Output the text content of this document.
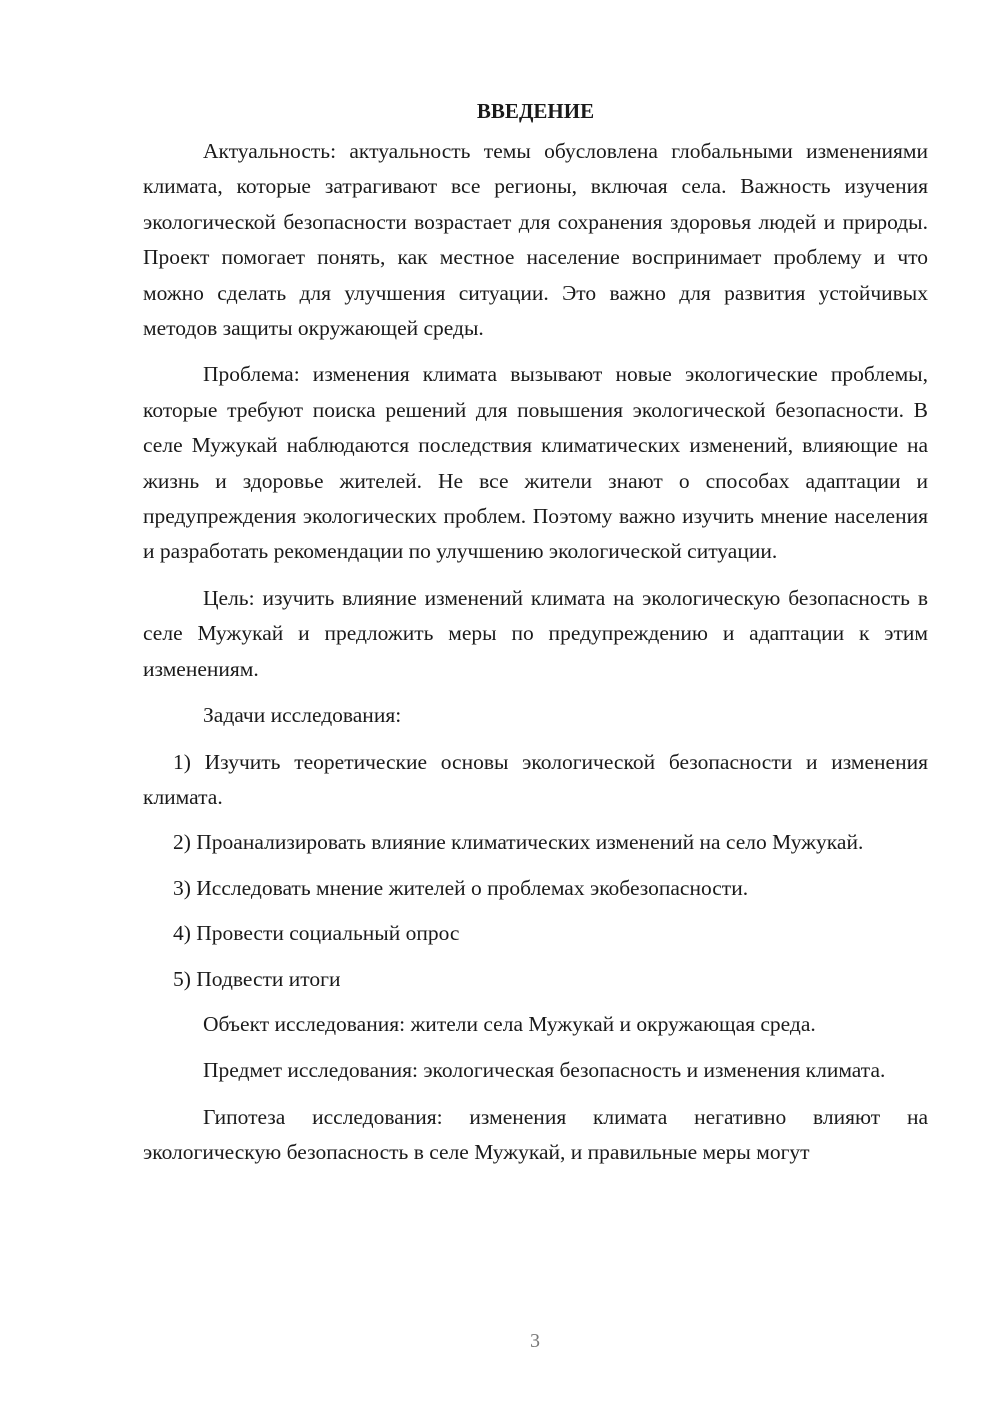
ВВЕДЕНИЕ

Актуальность: актуальность темы обусловлена глобальными изменениями климата, которые затрагивают все регионы, включая села. Важность изучения экологической безопасности возрастает для сохранения здоровья людей и природы. Проект помогает понять, как местное население воспринимает проблему и что можно сделать для улучшения ситуации. Это важно для развития устойчивых методов защиты окружающей среды.

Проблема: изменения климата вызывают новые экологические проблемы, которые требуют поиска решений для повышения экологической безопасности. В селе Мужукай наблюдаются последствия климатических изменений, влияющие на жизнь и здоровье жителей. Не все жители знают о способах адаптации и предупреждения экологических проблем. Поэтому важно изучить мнение населения и разработать рекомендации по улучшению экологической ситуации.

Цель: изучить влияние изменений климата на экологическую безопасность в селе Мужукай и предложить меры по предупреждению и адаптации к этим изменениям.

Задачи исследования:

1) Изучить теоретические основы экологической безопасности и изменения климата.

2) Проанализировать влияние климатических изменений на село Мужукай.

3) Исследовать мнение жителей о проблемах экобезопасности.

4) Провести социальный опрос

5) Подвести итоги

Объект исследования: жители села Мужукай и окружающая среда.

Предмет исследования: экологическая безопасность и изменения климата.

Гипотеза исследования: изменения климата негативно влияют на экологическую безопасность в селе Мужукай, и правильные меры могут

3
